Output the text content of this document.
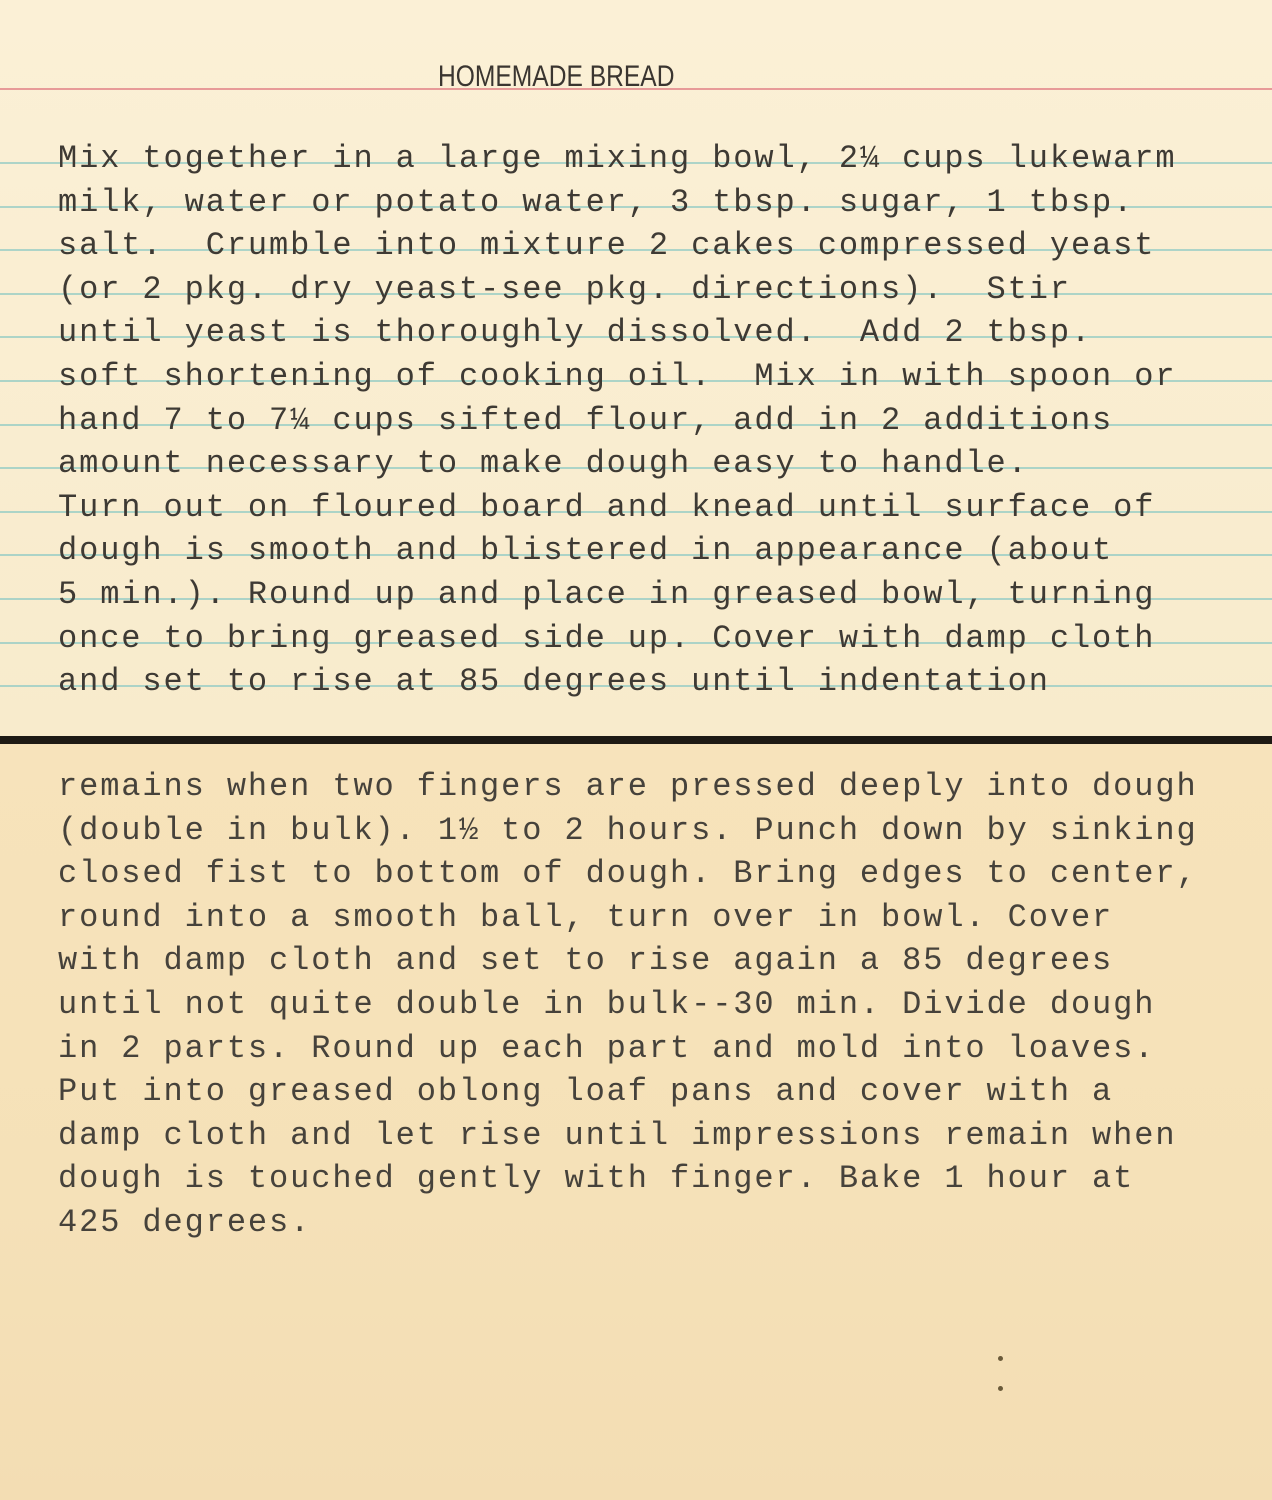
HOMEMADE BREAD
Mix together in a large mixing bowl, 2¼ cups lukewarm
milk, water or potato water, 3 tbsp. sugar, 1 tbsp.
salt.  Crumble into mixture 2 cakes compressed yeast
(or 2 pkg. dry yeast-see pkg. directions).  Stir
until yeast is thoroughly dissolved.  Add 2 tbsp.
soft shortening of cooking oil.  Mix in with spoon or
hand 7 to 7¼ cups sifted flour, add in 2 additions
amount necessary to make dough easy to handle.
Turn out on floured board and knead until surface of
dough is smooth and blistered in appearance (about
5 min.). Round up and place in greased bowl, turning
once to bring greased side up. Cover with damp cloth
and set to rise at 85 degrees until indentation
remains when two fingers are pressed deeply into dough
(double in bulk). 1½ to 2 hours. Punch down by sinking
closed fist to bottom of dough. Bring edges to center,
round into a smooth ball, turn over in bowl. Cover
with damp cloth and set to rise again a 85 degrees
until not quite double in bulk--30 min. Divide dough
in 2 parts. Round up each part and mold into loaves.
Put into greased oblong loaf pans and cover with a
damp cloth and let rise until impressions remain when
dough is touched gently with finger. Bake 1 hour at
425 degrees.
